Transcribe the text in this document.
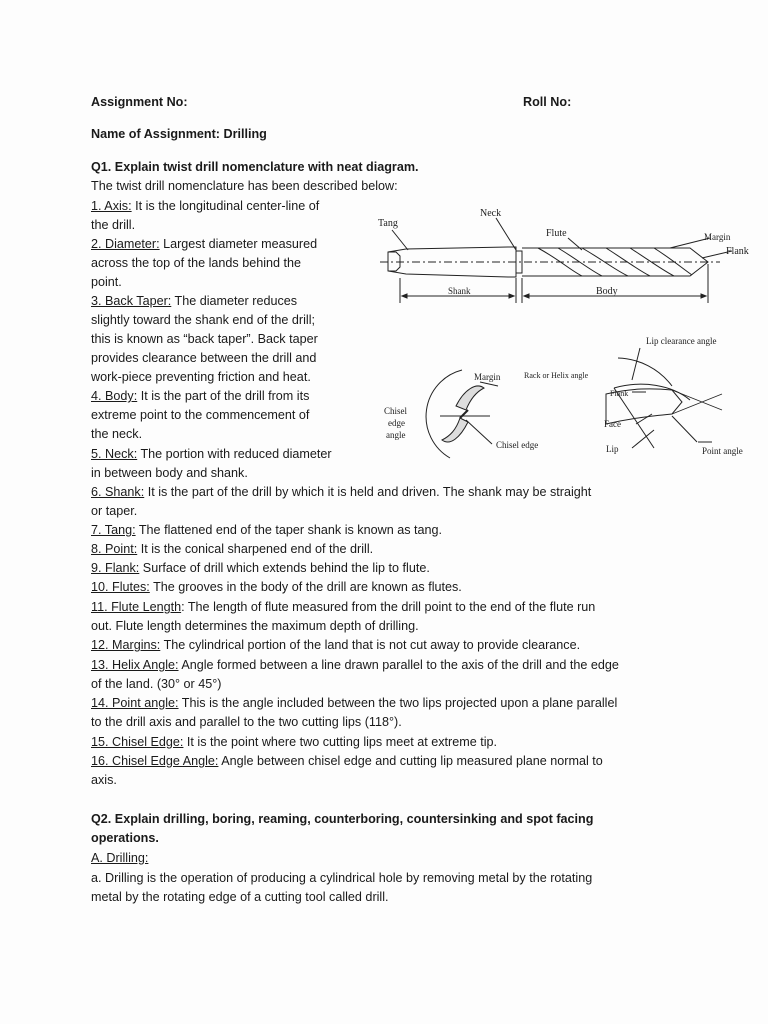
Assignment No:	Roll No:
Name of Assignment: Drilling
Q1. Explain twist drill nomenclature with neat diagram.
The twist drill nomenclature has been described below:
1. Axis: It is the longitudinal center-line of
the drill.
2. Diameter: Largest diameter measured
across the top of the lands behind the
point.
3. Back Taper: The diameter reduces
slightly toward the shank end of the drill;
this is known as “back taper”. Back taper
provides clearance between the drill and
work-piece preventing friction and heat.
4. Body: It is the part of the drill from its
extreme point to the commencement of
the neck.
5. Neck: The portion with reduced diameter
in between body and shank.
6. Shank: It is the part of the drill by which it is held and driven. The shank may be straight
or taper.
7. Tang: The flattened end of the taper shank is known as tang.
8. Point: It is the conical sharpened end of the drill.
9. Flank: Surface of drill which extends behind the lip to flute.
10. Flutes: The grooves in the body of the drill are known as flutes.
11. Flute Length: The length of flute measured from the drill point to the end of the flute run
out. Flute length determines the maximum depth of drilling.
12. Margins: The cylindrical portion of the land that is not cut away to provide clearance.
13. Helix Angle: Angle formed between a line drawn parallel to the axis of the drill and the edge
of the land. (30° or 45°)
14. Point angle: This is the angle included between the two lips projected upon a plane parallel
to the drill axis and parallel to the two cutting lips (118°).
15. Chisel Edge: It is the point where two cutting lips meet at extreme tip.
16. Chisel Edge Angle: Angle between chisel edge and cutting lip measured plane normal to
axis.
Q2. Explain drilling, boring, reaming, counterboring, countersinking and spot facing
operations.
A. Drilling:
a. Drilling is the operation of producing a cylindrical hole by removing metal by the rotating
metal by the rotating edge of a cutting tool called drill.
Tang
Neck
Flute	Margin
Flank
Shank	Body
Margin
Chisel
edge
angle
Chisel edge
Lip clearance angle
Rack or Helix angle
Flank
Face
Lip	Point angle
